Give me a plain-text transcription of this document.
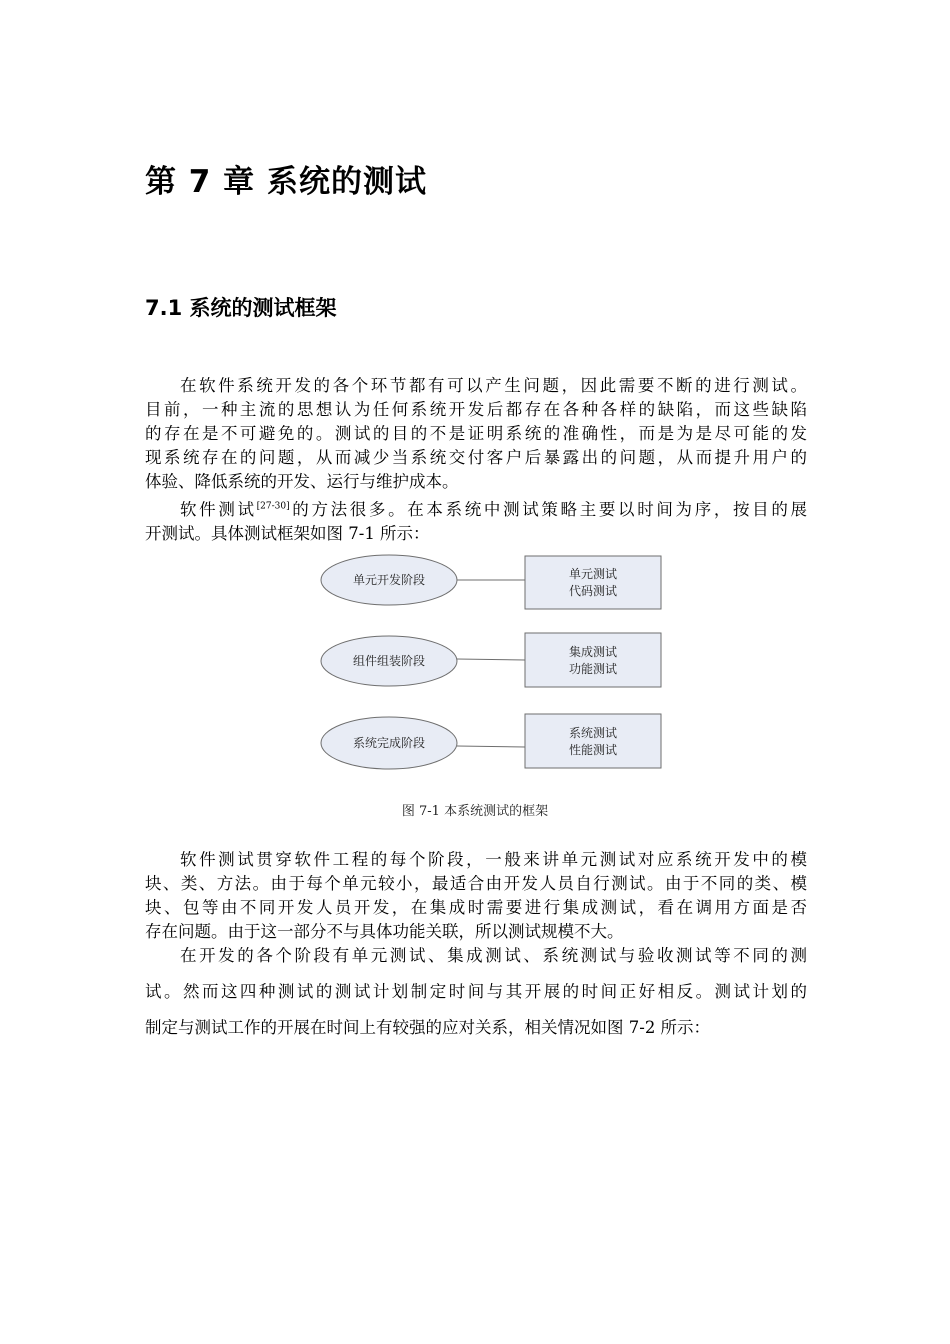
第 7 章 系统的测试
7.1 系统的测试框架
在软件系统开发的各个环节都有可以产生问题，因此需要不断的进行测试。
目前，一种主流的思想认为任何系统开发后都存在各种各样的缺陷，而这些缺陷
的存在是不可避免的。测试的目的不是证明系统的准确性，而是为是尽可能的发
现系统存在的问题，从而减少当系统交付客户后暴露出的问题，从而提升用户的
体验、降低系统的开发、运行与维护成本。
软件测试[27-30]的方法很多。在本系统中测试策略主要以时间为序，按目的展
开测试。具体测试框架如图 7-1 所示：
单元开发阶段	单元测试
代码测试
组件组装阶段
集成测试
功能测试
系统完成阶段
系统测试
性能测试
图 7-1 本系统测试的框架
软件测试贯穿软件工程的每个阶段，一般来讲单元测试对应系统开发中的模
块、类、方法。由于每个单元较小，最适合由开发人员自行测试。由于不同的类、模
块、包等由不同开发人员开发，在集成时需要进行集成测试，看在调用方面是否
存在问题。由于这一部分不与具体功能关联，所以测试规模不大。
在开发的各个阶段有单元测试、集成测试、系统测试与验收测试等不同的测
试。然而这四种测试的测试计划制定时间与其开展的时间正好相反。测试计划的
制定与测试工作的开展在时间上有较强的应对关系，相关情况如图 7-2 所示：
